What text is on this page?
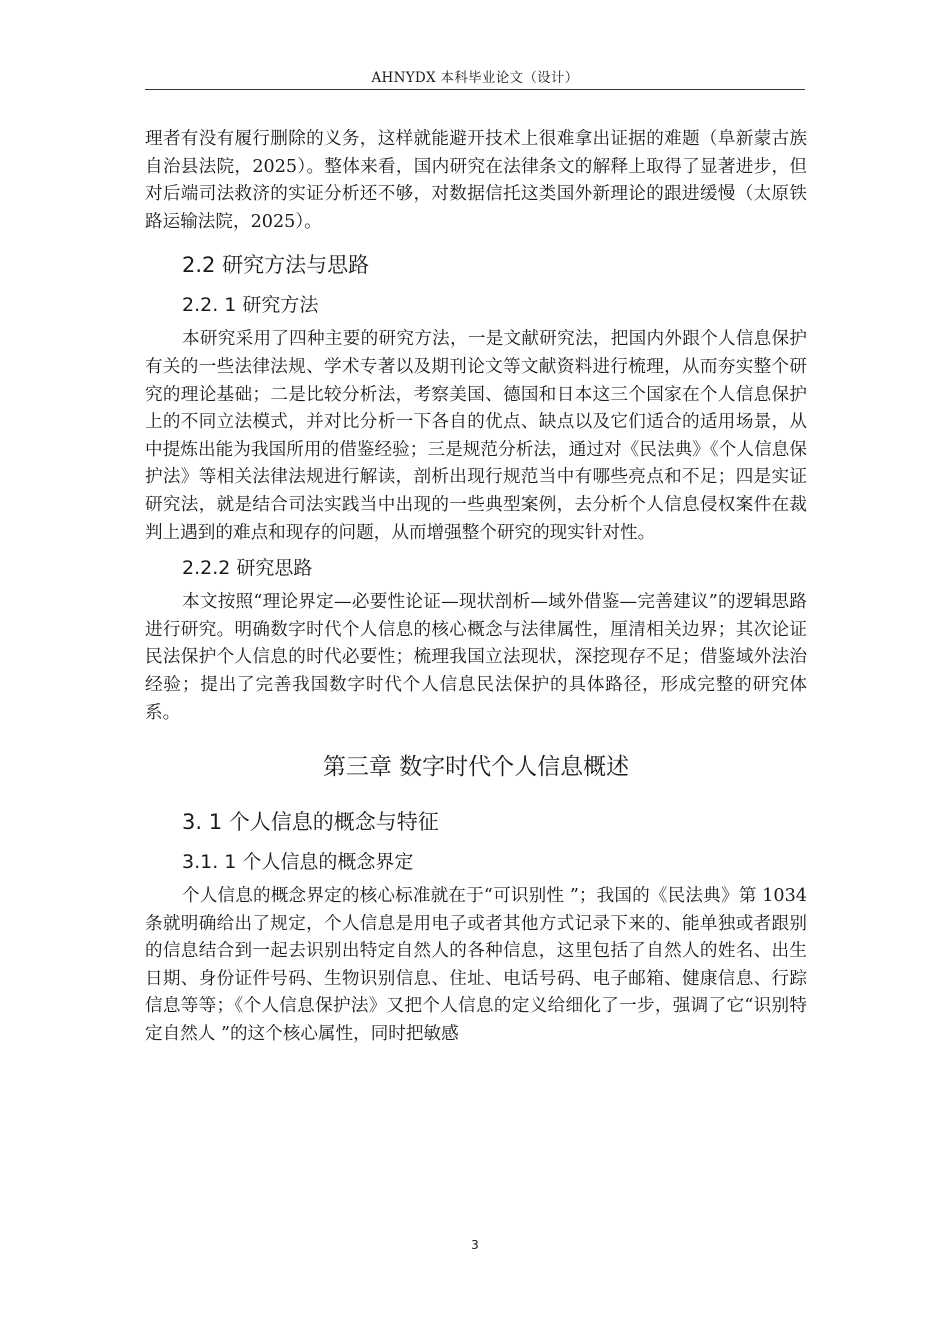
AHNYDX 本科毕业论文（设计）

理者有没有履行删除的义务，这样就能避开技术上很难拿出证据的难题（阜新蒙古族自治县法院，2025）。整体来看，国内研究在法律条文的解释上取得了显著进步，但对后端司法救济的实证分析还不够，对数据信托这类国外新理论的跟进缓慢（太原铁路运输法院，2025）。

2.2 研究方法与思路
2.2. 1 研究方法

本研究采用了四种主要的研究方法，一是文献研究法，把国内外跟个人信息保护有关的一些法律法规、学术专著以及期刊论文等文献资料进行梳理，从而夯实整个研究的理论基础；二是比较分析法，考察美国、德国和日本这三个国家在个人信息保护上的不同立法模式，并对比分析一下各自的优点、缺点以及它们适合的适用场景，从中提炼出能为我国所用的借鉴经验；三是规范分析法，通过对《民法典》《个人信息保护法》等相关法律法规进行解读，剖析出现行规范当中有哪些亮点和不足；四是实证研究法，就是结合司法实践当中出现的一些典型案例，去分析个人信息侵权案件在裁判上遇到的难点和现存的问题，从而增强整个研究的现实针对性。

2.2.2 研究思路

本文按照“理论界定—必要性论证—现状剖析—域外借鉴—完善建议”的逻辑思路进行研究。明确数字时代个人信息的核心概念与法律属性，厘清相关边界；其次论证民法保护个人信息的时代必要性；梳理我国立法现状，深挖现存不足；借鉴域外法治经验；提出了完善我国数字时代个人信息民法保护的具体路径，形成完整的研究体系。

第三章 数字时代个人信息概述
3. 1 个人信息的概念与特征
3.1. 1 个人信息的概念界定

个人信息的概念界定的核心标准就在于“可识别性 ”；我国的《民法典》第 1034 条就明确给出了规定，个人信息是用电子或者其他方式记录下来的、能单独或者跟别的信息结合到一起去识别出特定自然人的各种信息，这里包括了自然人的姓名、出生日期、身份证件号码、生物识别信息、住址、电话号码、电子邮箱、健康信息、行踪信息等等；《个人信息保护法》又把个人信息的定义给细化了一步，强调了它“识别特定自然人 ”的这个核心属性，同时把敏感

3
